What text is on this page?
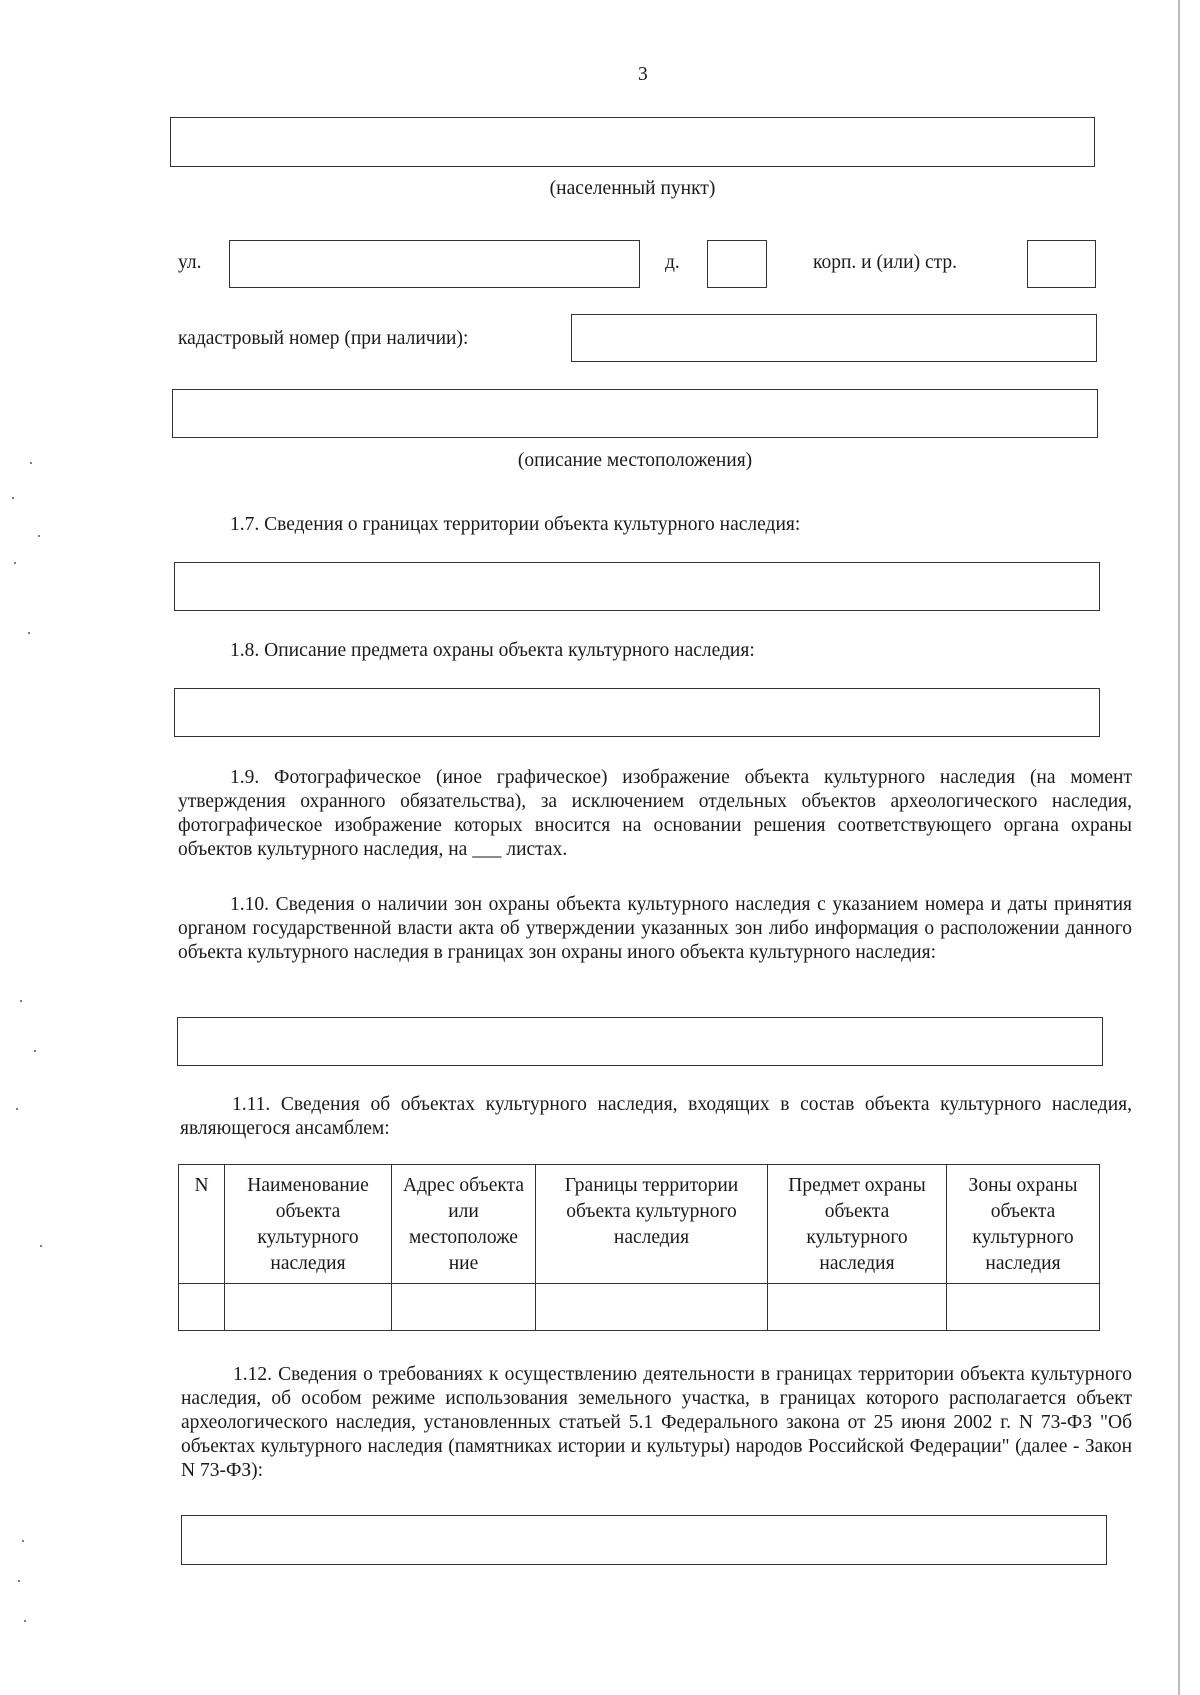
3
(населенный пункт)
ул.	д.	корп. и (или) стр.
кадастровый номер (при наличии):
(описание местоположения)
1.7. Сведения о границах территории объекта культурного наследия:
1.8. Описание предмета охраны объекта культурного наследия:
1.9. Фотографическое (иное графическое) изображение объекта культурного наследия (на момент утверждения охранного обязательства), за исключением отдельных объектов археологического наследия, фотографическое изображение которых вносится на основании решения соответствующего органа охраны объектов культурного наследия, на ___ листах.
1.10. Сведения о наличии зон охраны объекта культурного наследия с указанием номера и даты принятия органом государственной власти акта об утверждении указанных зон либо информация о расположении данного объекта культурного наследия в границах зон охраны иного объекта культурного наследия:
1.11. Сведения об объектах культурного наследия, входящих в состав объекта культурного наследия, являющегося ансамблем:
N	Наименование объекта культурного наследия	Адрес объекта или местоположе ние	Границы территории объекта культурного наследия	Предмет охраны объекта культурного наследия	Зоны охраны объекта культурного наследия

1.12. Сведения о требованиях к осуществлению деятельности в границах территории объекта культурного наследия, об особом режиме использования земельного участка, в границах которого располагается объект археологического наследия, установленных статьей 5.1 Федерального закона от 25 июня 2002 г. N 73-ФЗ "Об объектах культурного наследия (памятниках истории и культуры) народов Российской Федерации" (далее - Закон N 73-ФЗ):
